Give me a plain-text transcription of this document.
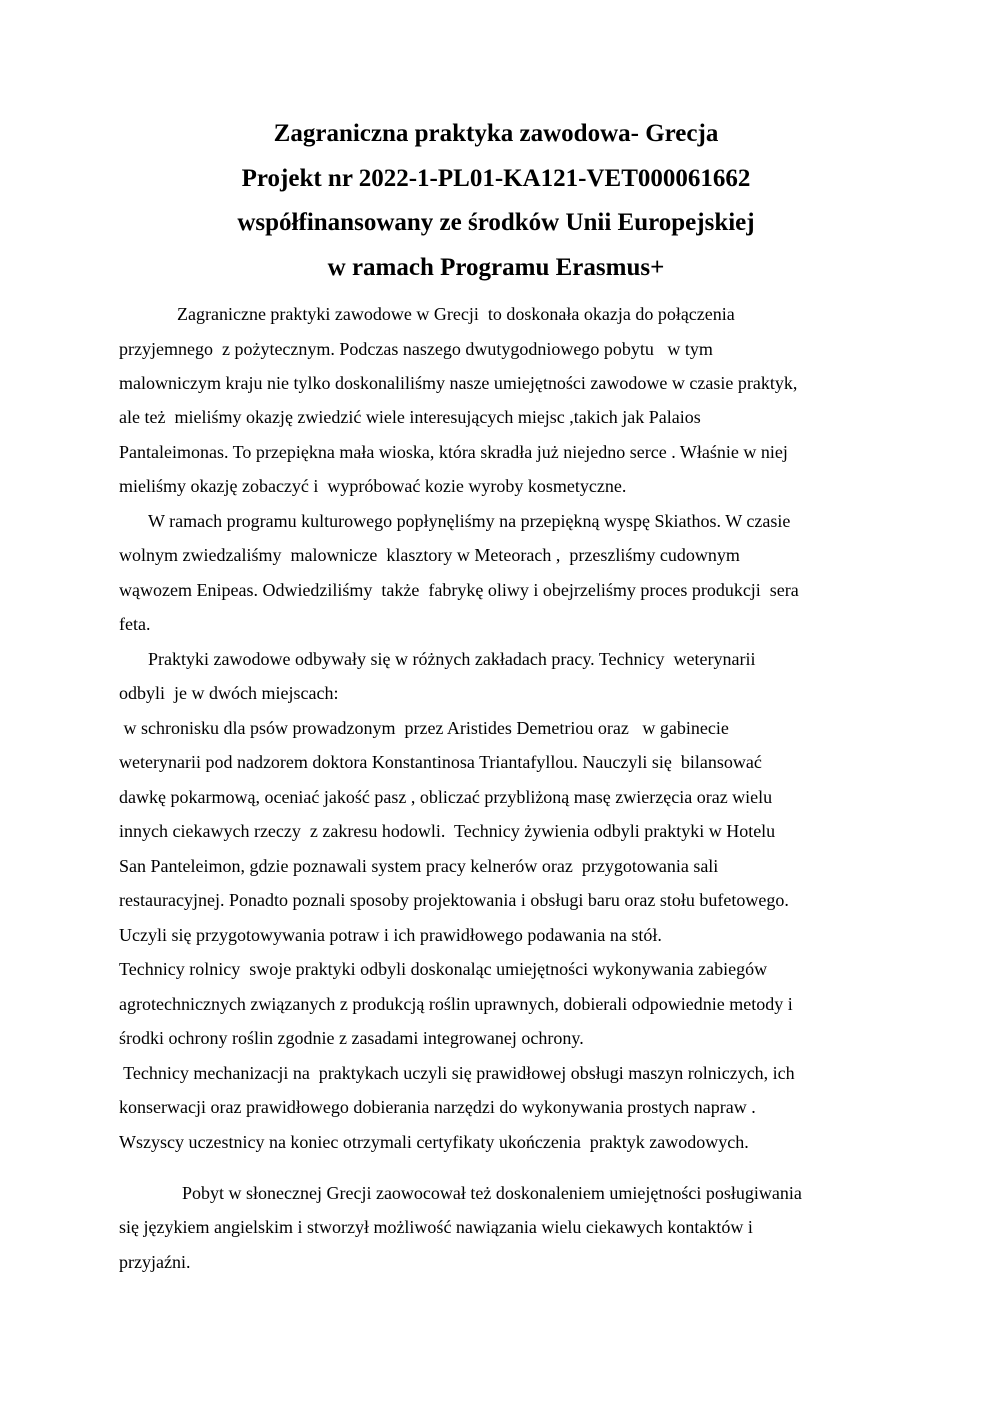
Zagraniczna praktyka zawodowa- Grecja
Projekt nr 2022-1-PL01-KA121-VET000061662
współfinansowany ze środków Unii Europejskiej
w ramach Programu Erasmus+
Zagraniczne praktyki zawodowe w Grecji  to doskonała okazja do połączenia
przyjemnego  z pożytecznym. Podczas naszego dwutygodniowego pobytu   w tym
malowniczym kraju nie tylko doskonaliliśmy nasze umiejętności zawodowe w czasie praktyk,
ale też  mieliśmy okazję zwiedzić wiele interesujących miejsc ,takich jak Palaios
Pantaleimonas. To przepiękna mała wioska, która skradła już niejedno serce . Właśnie w niej
mieliśmy okazję zobaczyć i  wypróbować kozie wyroby kosmetyczne.
W ramach programu kulturowego popłynęliśmy na przepiękną wyspę Skiathos. W czasie
wolnym zwiedzaliśmy  malownicze  klasztory w Meteorach ,  przeszliśmy cudownym
wąwozem Enipeas. Odwiedziliśmy  także  fabrykę oliwy i obejrzeliśmy proces produkcji  sera
feta.
Praktyki zawodowe odbywały się w różnych zakładach pracy. Technicy  weterynarii
odbyli  je w dwóch miejscach:
w schronisku dla psów prowadzonym  przez Aristides Demetriou oraz   w gabinecie
weterynarii pod nadzorem doktora Konstantinosa Triantafyllou. Nauczyli się  bilansować
dawkę pokarmową, oceniać jakość pasz , obliczać przybliżoną masę zwierzęcia oraz wielu
innych ciekawych rzeczy  z zakresu hodowli.  Technicy żywienia odbyli praktyki w Hotelu
San Panteleimon, gdzie poznawali system pracy kelnerów oraz  przygotowania sali
restauracyjnej. Ponadto poznali sposoby projektowania i obsługi baru oraz stołu bufetowego.
Uczyli się przygotowywania potraw i ich prawidłowego podawania na stół.
Technicy rolnicy  swoje praktyki odbyli doskonaląc umiejętności wykonywania zabiegów
agrotechnicznych związanych z produkcją roślin uprawnych, dobierali odpowiednie metody i
środki ochrony roślin zgodnie z zasadami integrowanej ochrony.
Technicy mechanizacji na  praktykach uczyli się prawidłowej obsługi maszyn rolniczych, ich
konserwacji oraz prawidłowego dobierania narzędzi do wykonywania prostych napraw .
Wszyscy uczestnicy na koniec otrzymali certyfikaty ukończenia  praktyk zawodowych.
Pobyt w słonecznej Grecji zaowocował też doskonaleniem umiejętności posługiwania
się językiem angielskim i stworzył możliwość nawiązania wielu ciekawych kontaktów i
przyjaźni.
